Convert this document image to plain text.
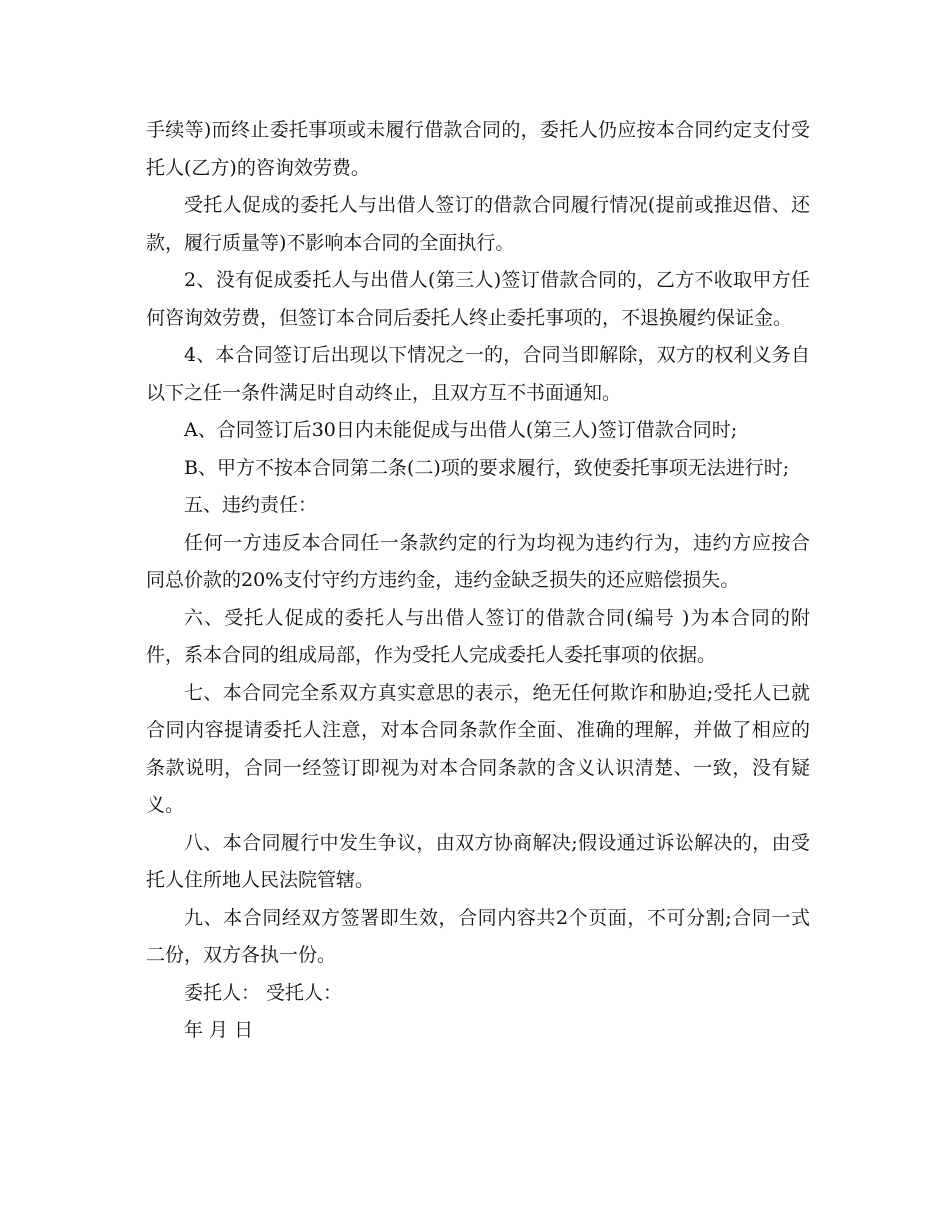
手续等)而终止委托事项或未履行借款合同的，委托人仍应按本合同约定支付受托人(乙方)的咨询效劳费。

受托人促成的委托人与出借人签订的借款合同履行情况(提前或推迟借、还款，履行质量等)不影响本合同的全面执行。

2、没有促成委托人与出借人(第三人)签订借款合同的，乙方不收取甲方任何咨询效劳费，但签订本合同后委托人终止委托事项的，不退换履约保证金。

4、本合同签订后出现以下情况之一的，合同当即解除，双方的权利义务自以下之任一条件满足时自动终止，且双方互不书面通知。

A、合同签订后30日内未能促成与出借人(第三人)签订借款合同时;

B、甲方不按本合同第二条(二)项的要求履行，致使委托事项无法进行时;

五、违约责任：

任何一方违反本合同任一条款约定的行为均视为违约行为，违约方应按合同总价款的20%支付守约方违约金，违约金缺乏损失的还应赔偿损失。

六、受托人促成的委托人与出借人签订的借款合同(编号 )为本合同的附件，系本合同的组成局部，作为受托人完成委托人委托事项的依据。

七、本合同完全系双方真实意思的表示，绝无任何欺诈和胁迫;受托人已就合同内容提请委托人注意，对本合同条款作全面、准确的理解，并做了相应的条款说明，合同一经签订即视为对本合同条款的含义认识清楚、一致，没有疑义。

八、本合同履行中发生争议，由双方协商解决;假设通过诉讼解决的，由受托人住所地人民法院管辖。

九、本合同经双方签署即生效，合同内容共2个页面，不可分割;合同一式二份，双方各执一份。

委托人： 受托人：

年 月 日
